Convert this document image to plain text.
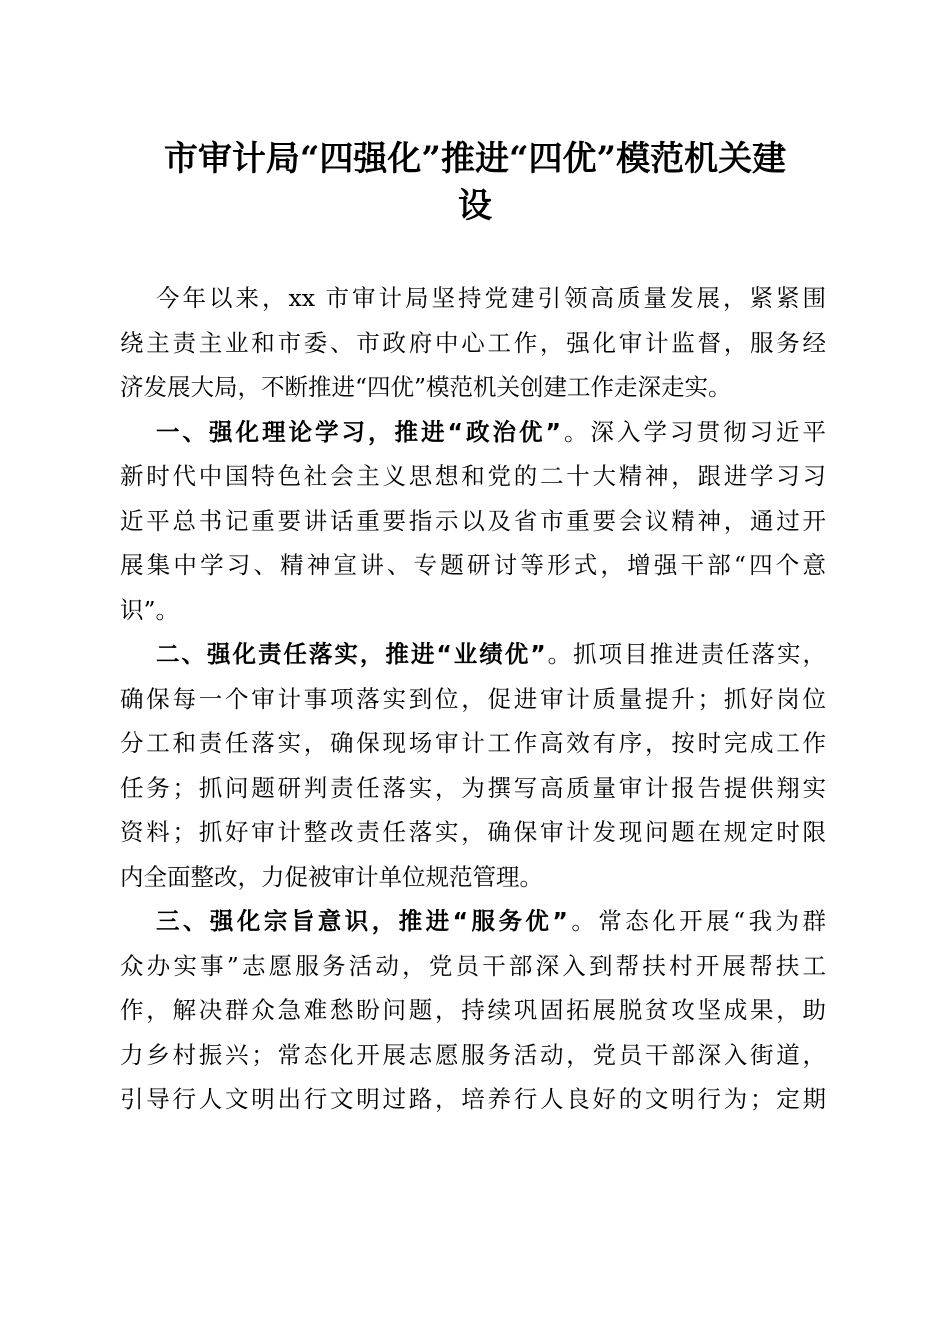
市审计局“四强化”推进“四优”模范机关建
设
今年以来，xx 市审计局坚持党建引领高质量发展，紧紧围
绕主责主业和市委、市政府中心工作，强化审计监督，服务经
济发展大局，不断推进“四优”模范机关创建工作走深走实。
一、强化理论学习，推进“政治优”。深入学习贯彻习近平
新时代中国特色社会主义思想和党的二十大精神，跟进学习习
近平总书记重要讲话重要指示以及省市重要会议精神，通过开
展集中学习、精神宣讲、专题研讨等形式，增强干部“四个意
识”。
二、强化责任落实，推进“业绩优”。抓项目推进责任落实，
确保每一个审计事项落实到位，促进审计质量提升；抓好岗位
分工和责任落实，确保现场审计工作高效有序，按时完成工作
任务；抓问题研判责任落实，为撰写高质量审计报告提供翔实
资料；抓好审计整改责任落实，确保审计发现问题在规定时限
内全面整改，力促被审计单位规范管理。
三、强化宗旨意识，推进“服务优”。常态化开展“我为群
众办实事”志愿服务活动，党员干部深入到帮扶村开展帮扶工
作，解决群众急难愁盼问题，持续巩固拓展脱贫攻坚成果，助
力乡村振兴；常态化开展志愿服务活动，党员干部深入街道，
引导行人文明出行文明过路，培养行人良好的文明行为；定期
